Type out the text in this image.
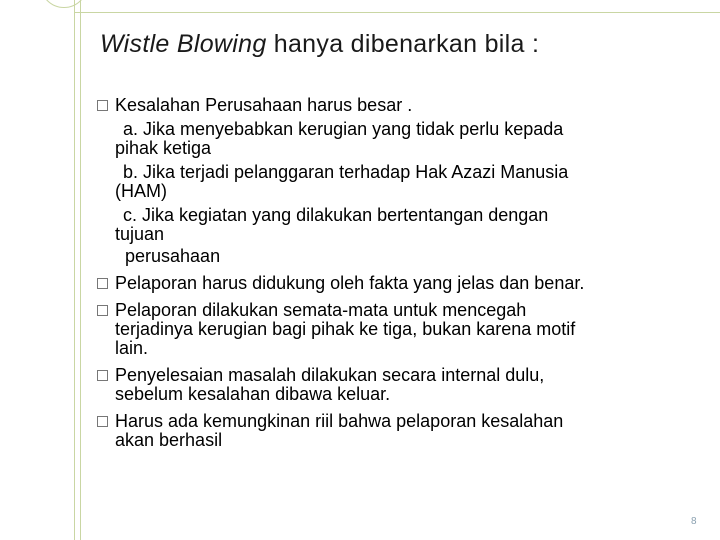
Wistle Blowing hanya dibenarkan bila :
Kesalahan Perusahaan harus besar .
a. Jika menyebabkan kerugian yang tidak perlu kepada
pihak ketiga
b. Jika terjadi pelanggaran terhadap Hak Azazi Manusia
(HAM)
c. Jika kegiatan yang dilakukan bertentangan dengan
tujuan
perusahaan
Pelaporan harus didukung oleh fakta yang jelas dan benar.
Pelaporan dilakukan semata-mata untuk mencegah
terjadinya kerugian bagi pihak ke tiga, bukan karena motif
lain.
Penyelesaian masalah dilakukan secara internal dulu,
sebelum kesalahan dibawa keluar.
Harus ada kemungkinan riil bahwa pelaporan kesalahan
akan berhasil
8
